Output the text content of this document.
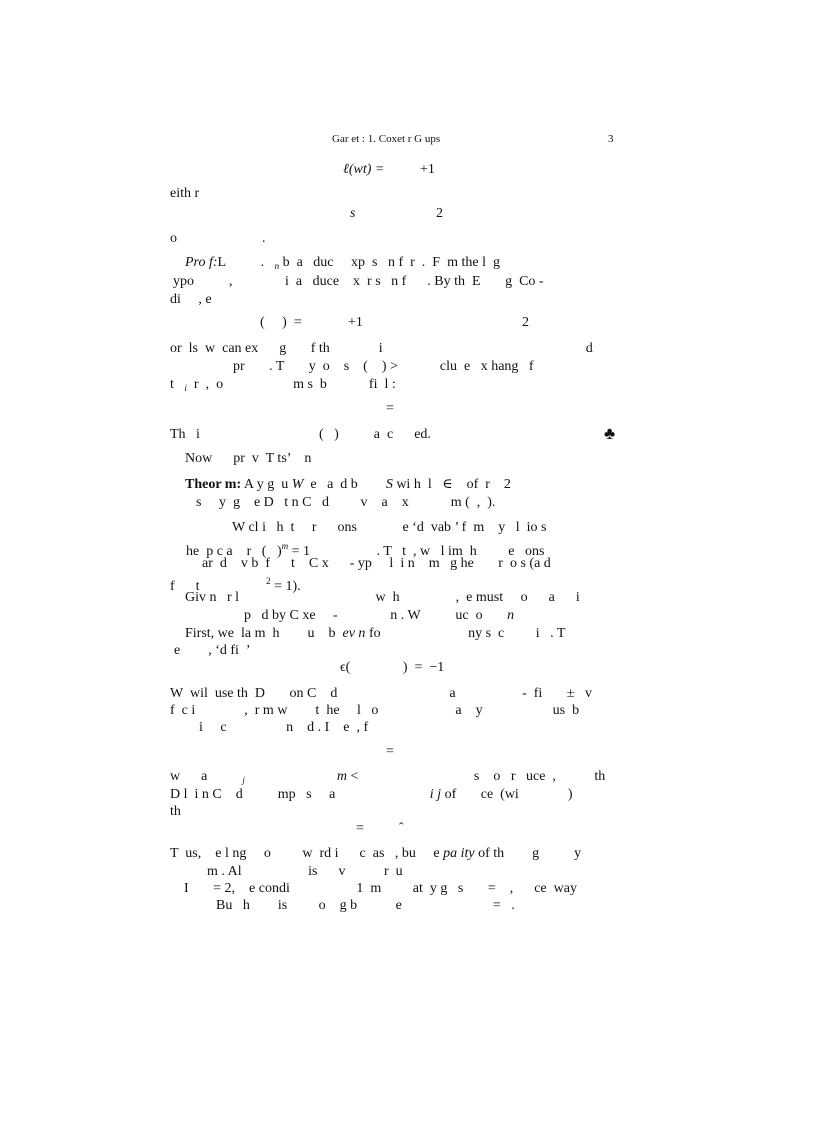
Gar et : 1. Coxet r G ups	3
ℓ(wt) =	+1
eith r
s	2
o	.
Pro f:L          .   $_n$ b  a   duc     xp  s   n f  r  .  F  m the l  g
ypo          ,               i  a   duce    x  r s   n f      . By th  E       g  Co -
di     , e
(     )  =	+1	2
or  ls  w  can ex      g       f th              i                                                          d
pr       . T       y  o    s    (    ) >            clu  e   x hang   f
t   $_i$  r  ,  o                    m s  b            fi  l :
=
Th   i                                  (   )          a  c      ed.	♣
Now      pr  v  T ts’    n
Theor m: A y g  u W  e   a  d b        S wi h  l   ∈    of  r    2
s     y  g    e D   t n C   d         v    a    x            m (  ,  ).
W cl i   h  t     r      ons             e ‘d  vab ’ f  m    y   l  io s
he  p c a    r   (   )$^m$ = 1                   . T   t  , w   l im  h         e   ons
ar  d    v b  f      t    C x      - yp     l  i n    m   g he       r  o s (a d
f      t                   $^2$ = 1).
Giv n   r l                                       w  h                ,  e must     o      a      i
p   d by C xe     -               n . W          uc  o       n
First, we  la m  h        u    b  ev n fo                         ny s  c         i   . T
e        , ‘d fi  ’
ϵ(               )  =  −1
W  wil  use th  D       on C    d                                a                   -  fi       ±   v
f  c i              ,  r m w        t  he     l   o                      a    y                    us  b
i     c                 n    d . I    e  , f
=
w      a          $_j$	m <                                 s    o   r   uce  ,           th
D l  i n C    d          mp   s     a                           i j of       ce  (wi              )
th
=          ˆ
T  us,    e l ng     o         w  rd i      c  as   , bu     e pa ity of th        g          y
m . Al                   is      v           r  u
I       = 2,    e condi                   1  m         at  y g   s       =    ,      ce  way
Bu   h        is         o    g b           e                          =   .
